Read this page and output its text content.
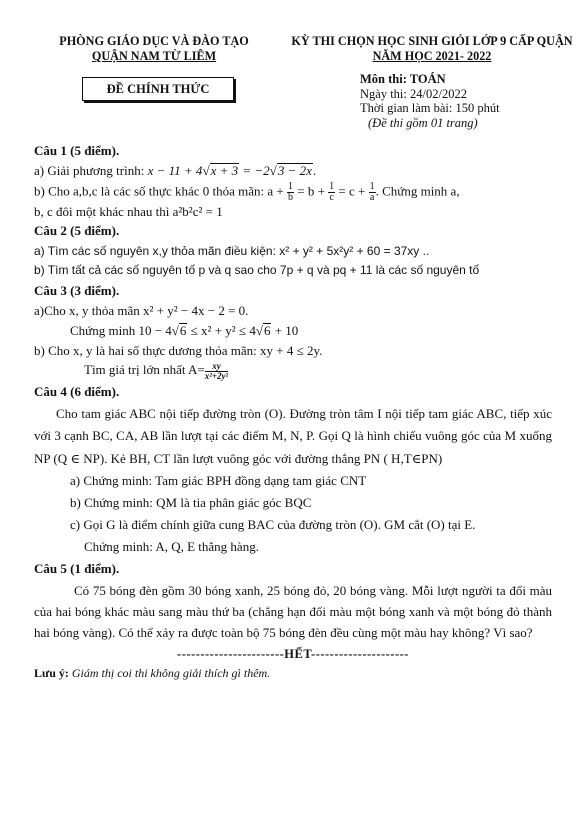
PHÒNG GIÁO DỤC VÀ ĐÀO TẠO
QUẬN NAM TỪ LIÊM
KỲ THI CHỌN HỌC SINH GIỎI LỚP 9 CẤP QUẬN
NĂM HỌC 2021- 2022
ĐỀ CHÍNH THỨC
Môn thi: TOÁN
Ngày thi: 24/02/2022
Thời gian làm bài: 150 phút
(Đề thi gồm 01 trang)
Câu 1 (5 điểm).

a) Giải phương trình: x − 11 + 4√x + 3 = −2√3 − 2x.

b) Cho a,b,c là các số thực khác 0 thỏa mãn: $a + \frac{1}{b} = b + \frac{1}{c} = c + \frac{1}{a}$ . Chứng minh a,

b, c đôi một khác nhau thì a²b²c² = 1

Câu 2 (5 điểm).

a) Tìm các số nguyên x,y thỏa mãn điều kiện: x² + y² + 5x²y² + 60 = 37xy ..

b) Tìm tất cả các số nguyên tố p và q sao cho 7p + q và pq + 11 là các số nguyên tố

Câu 3 (3 điểm).

a)Cho x, y thỏa mãn x² + y² − 4x − 2 = 0.

Chứng minh 10 − 4√6 ≤ x² + y² ≤ 4√6 + 10

b) Cho x, y là hai số thực dương thỏa mãn: xy + 4 ≤ 2y.

Tìm giá trị lớn nhất $A= \frac{xy}{\text{x²+2y²}}$

Câu 4 (6 điểm).

Cho tam giác ABC nội tiếp đường tròn (O). Đường tròn tâm I nội tiếp tam giác ABC, tiếp xúc với 3 cạnh BC, CA, AB lần lượt tại các điểm M, N, P. Gọi Q là hình chiếu vuông góc của M xuống NP (Q ∈ NP). Kẻ BH, CT lần lượt vuông góc với đường thẳng PN ( H,T∈PN)

a) Chứng minh: Tam giác BPH đồng dạng tam giác CNT

b) Chứng minh: QM là tia phân giác góc BQC

c) Gọi G là điểm chính giữa cung BAC của đường tròn (O). GM cắt (O) tại E.

Chứng minh: A, Q, E thẳng hàng.

Câu 5 (1 điểm).

Có 75 bóng đèn gồm 30 bóng xanh, 25 bóng đỏ, 20 bóng vàng. Mỗi lượt người ta đổi màu của hai bóng khác màu sang màu thứ ba (chẳng hạn đổi màu một bóng xanh và một bóng đỏ thành hai bóng vàng). Có thể xảy ra được toàn bộ 75 bóng đèn đều cùng một màu hay không? Vì sao?

-----------------------HẾT---------------------

Lưu ý: Giám thị coi thi không giải thích gì thêm.
